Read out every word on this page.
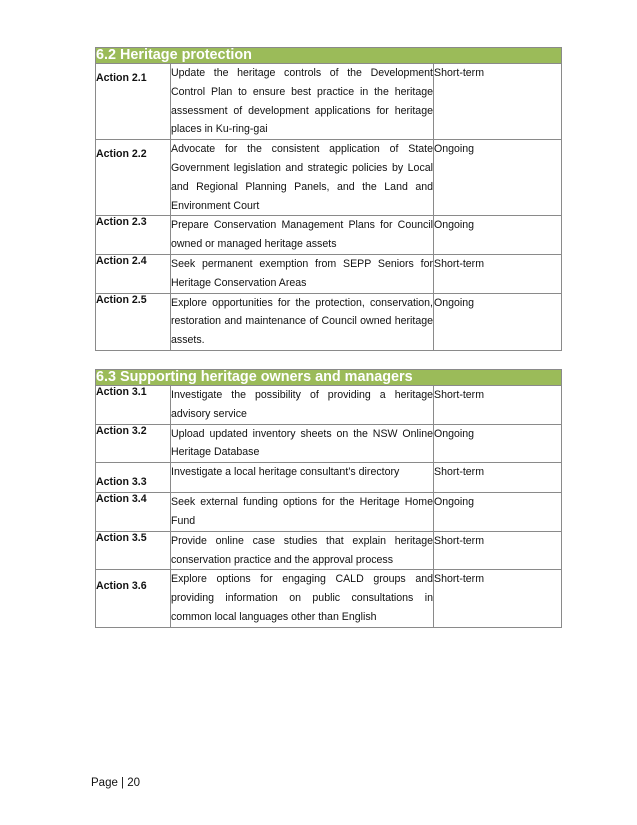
6.2 Heritage protection		
Action 2.1	Update the heritage controls of the Development Control Plan to ensure best practice in the heritage assessment of development applications for heritage places in Ku-ring-gai	Short-term
Action 2.2	Advocate for the consistent application of State Government legislation and strategic policies by Local and Regional Planning Panels, and the Land and Environment Court	Ongoing
Action 2.3	Prepare Conservation Management Plans for Council owned or managed heritage assets	Ongoing
Action 2.4	Seek permanent exemption from SEPP Seniors for Heritage Conservation Areas	Short-term
Action 2.5	Explore opportunities for the protection, conservation, restoration and maintenance of Council owned heritage assets.	Ongoing
6.3 Supporting heritage owners and managers		
Action 3.1	Investigate the possibility of providing a heritage advisory service	Short-term
Action 3.2	Upload updated inventory sheets on the NSW Online Heritage Database	Ongoing
Action 3.3	Investigate a local heritage consultant’s directory	Short-term
Action 3.4	Seek external funding options for the Heritage Home Fund	Ongoing
Action 3.5	Provide online case studies that explain heritage conservation practice and the approval process	Short-term
Action 3.6	Explore options for engaging CALD groups and providing information on public consultations in common local languages other than English	Short-term
Page | 20
